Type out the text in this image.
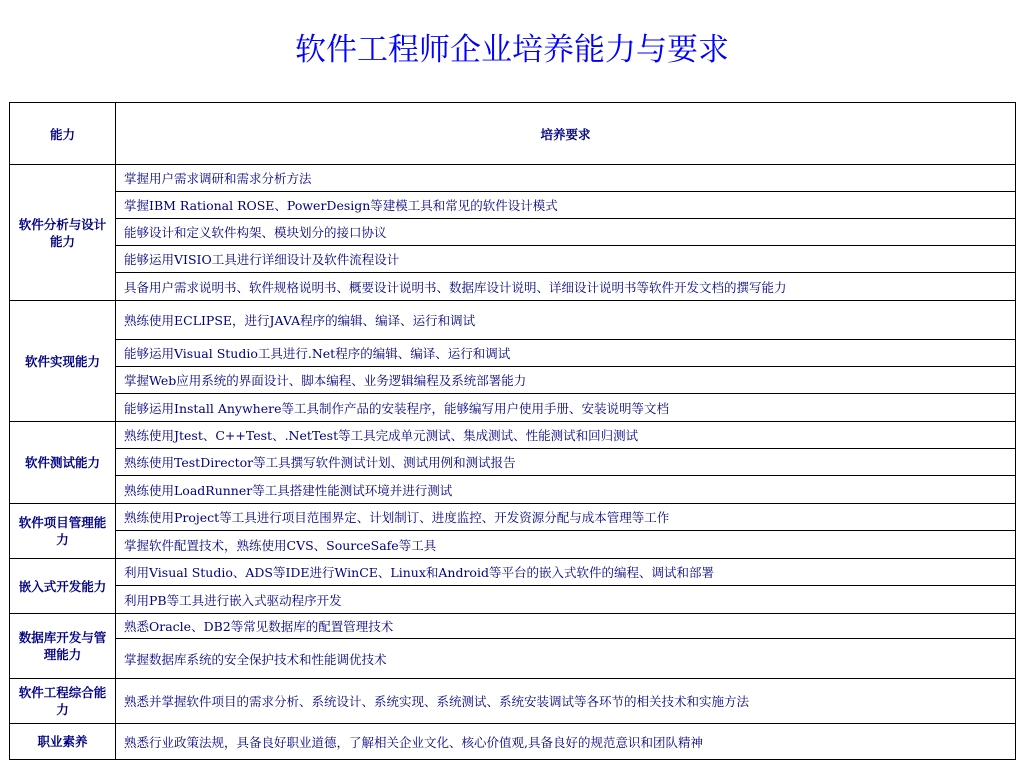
软件工程师企业培养能力与要求
能力	培养要求
软件分析与设计能力	掌握用户需求调研和需求分析方法
	掌握IBM Rational ROSE、PowerDesign等建模工具和常见的软件设计模式
	能够设计和定义软件构架、模块划分的接口协议
	能够运用VISIO工具进行详细设计及软件流程设计
	具备用户需求说明书、软件规格说明书、概要设计说明书、数据库设计说明、详细设计说明书等软件开发文档的撰写能力
软件实现能力	熟练使用ECLIPSE，进行JAVA程序的编辑、编译、运行和调试
	能够运用Visual Studio工具进行.Net程序的编辑、编译、运行和调试
	掌握Web应用系统的界面设计、脚本编程、业务逻辑编程及系统部署能力
	能够运用Install Anywhere等工具制作产品的安装程序，能够编写用户使用手册、安装说明等文档
软件测试能力	熟练使用Jtest、C++Test、.NetTest等工具完成单元测试、集成测试、性能测试和回归测试
	熟练使用TestDirector等工具撰写软件测试计划、测试用例和测试报告
	熟练使用LoadRunner等工具搭建性能测试环境并进行测试
软件项目管理能力	熟练使用Project等工具进行项目范围界定、计划制订、进度监控、开发资源分配与成本管理等工作
	掌握软件配置技术，熟练使用CVS、SourceSafe等工具
嵌入式开发能力	利用Visual Studio、ADS等IDE进行WinCE、Linux和Android等平台的嵌入式软件的编程、调试和部署
	利用PB等工具进行嵌入式驱动程序开发
数据库开发与管理能力	熟悉Oracle、DB2等常见数据库的配置管理技术
	掌握数据库系统的安全保护技术和性能调优技术
软件工程综合能力	熟悉并掌握软件项目的需求分析、系统设计、系统实现、系统测试、系统安装调试等各环节的相关技术和实施方法
职业素养	熟悉行业政策法规，具备良好职业道德，了解相关企业文化、核心价值观,具备良好的规范意识和团队精神
